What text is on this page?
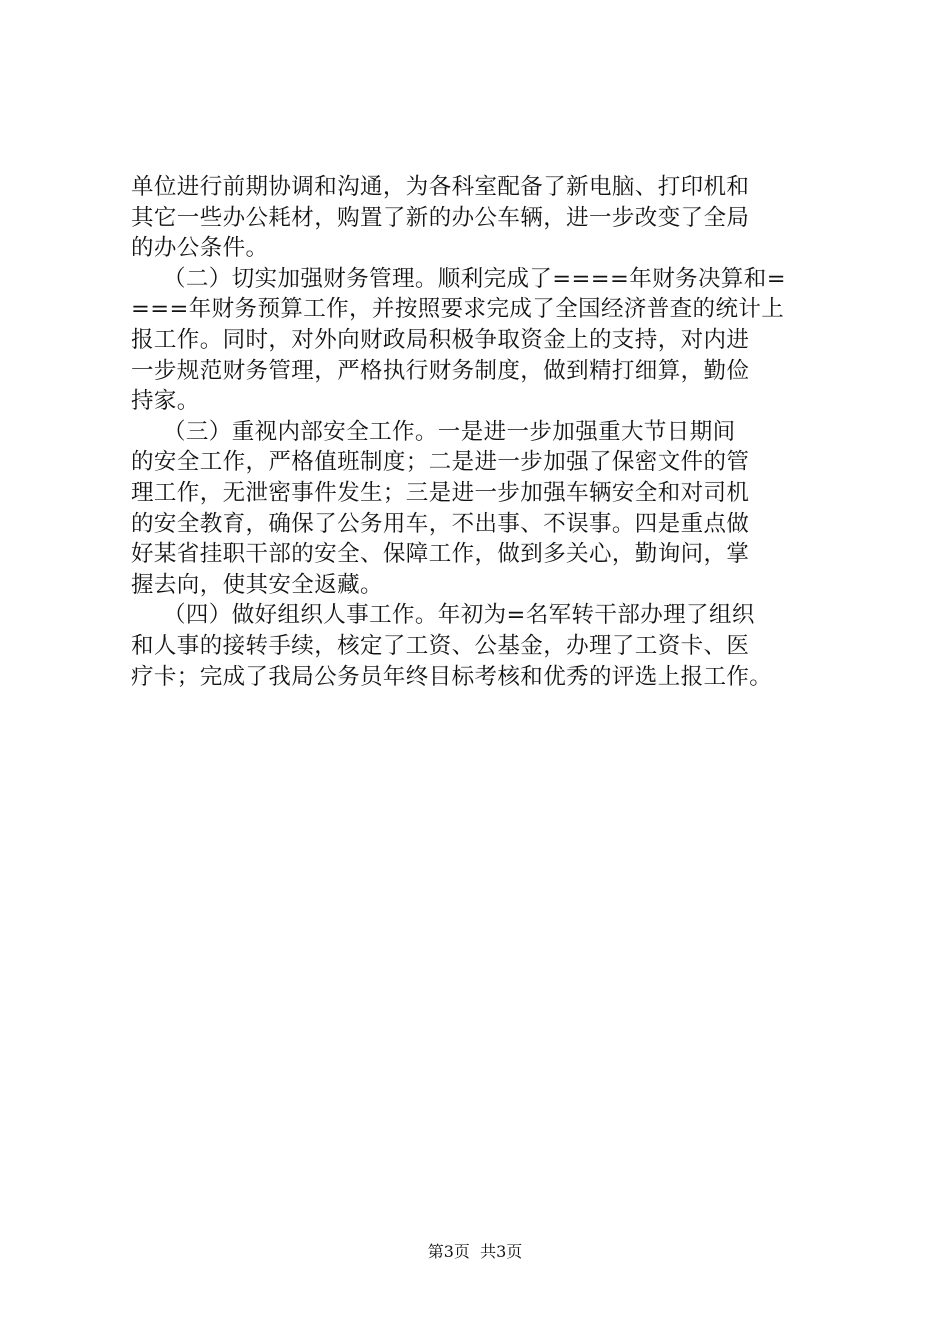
单位进行前期协调和沟通，为各科室配备了新电脑、打印机和
其它一些办公耗材，购置了新的办公车辆，进一步改变了全局
的办公条件。
（二）切实加强财务管理。顺利完成了====年财务决算和=
===年财务预算工作，并按照要求完成了全国经济普查的统计上
报工作。同时，对外向财政局积极争取资金上的支持，对内进
一步规范财务管理，严格执行财务制度，做到精打细算，勤俭
持家。
（三）重视内部安全工作。一是进一步加强重大节日期间
的安全工作，严格值班制度；二是进一步加强了保密文件的管
理工作，无泄密事件发生；三是进一步加强车辆安全和对司机
的安全教育，确保了公务用车，不出事、不误事。四是重点做
好某省挂职干部的安全、保障工作，做到多关心，勤询问，掌
握去向，使其安全返藏。
（四）做好组织人事工作。年初为=名军转干部办理了组织
和人事的接转手续，核定了工资、公基金，办理了工资卡、医
疗卡；完成了我局公务员年终目标考核和优秀的评选上报工作。
第3页  共3页
